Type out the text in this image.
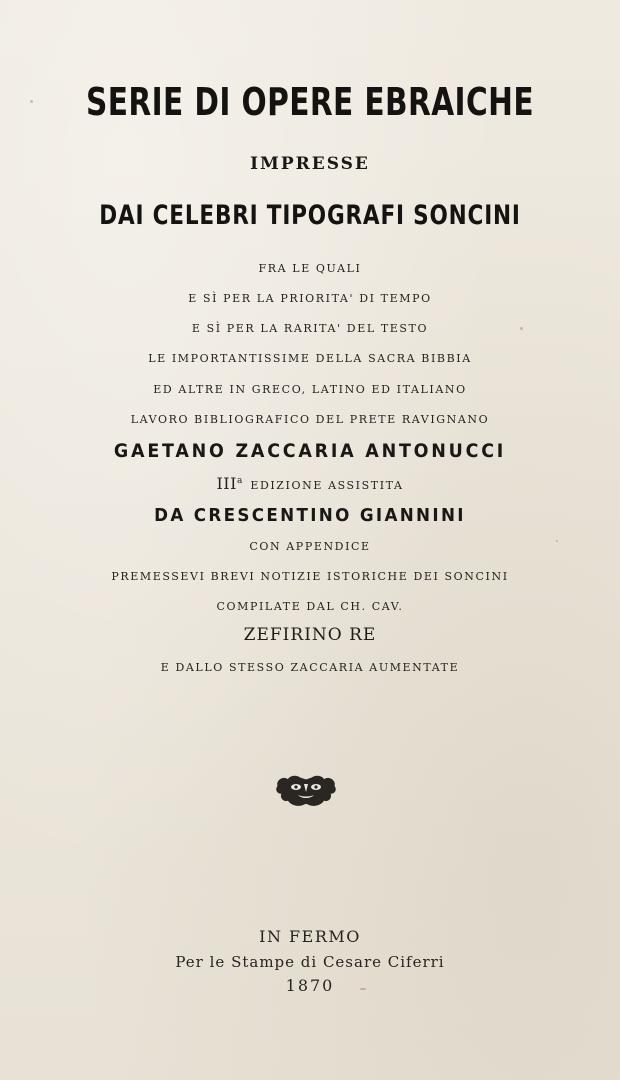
SERIE DI OPERE EBRAICHE
IMPRESSE
DAI CELEBRI TIPOGRAFI SONCINI
FRA LE QUALI
E SÌ PER LA PRIORITA' DI TEMPO
E SÌ PER LA RARITA' DEL TESTO
LE IMPORTANTISSIME DELLA SACRA BIBBIA
ED ALTRE IN GRECO, LATINO ED ITALIANO
LAVORO BIBLIOGRAFICO DEL PRETE RAVIGNANO
GAETANO ZACCARIA ANTONUCCI
III$^a$ EDIZIONE ASSISTITA
DA CRESCENTINO GIANNINI
CON APPENDICE
PREMESSEVI BREVI NOTIZIE ISTORICHE DEI SONCINI
COMPILATE DAL CH. CAV.
ZEFIRINO RE
E DALLO STESSO ZACCARIA AUMENTATE
IN FERMO
Per le Stampe di Cesare Ciferri
1870
